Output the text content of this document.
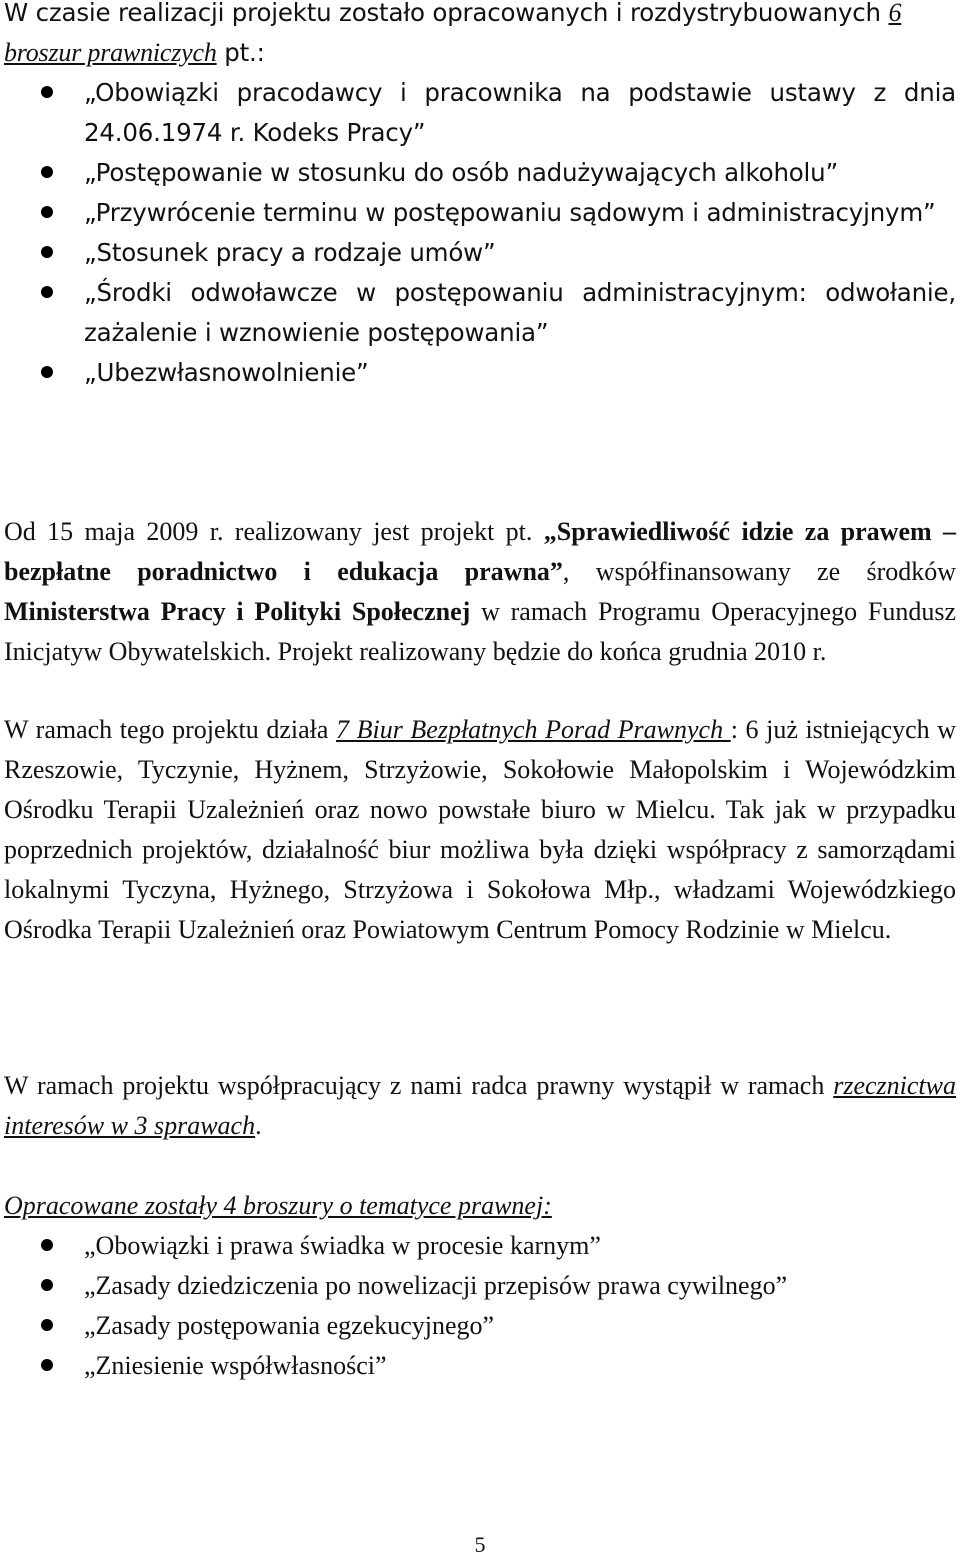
W czasie realizacji projektu zostało opracowanych i rozdystrybuowanych 6 broszur prawniczych pt.:

„Obowiązki pracodawcy i pracownika na podstawie ustawy z dnia 24.06.1974 r. Kodeks Pracy”
„Postępowanie w stosunku do osób nadużywających alkoholu”
„Przywrócenie terminu w postępowaniu sądowym i administracyjnym”
„Stosunek pracy a rodzaje umów”
„Środki odwoławcze w postępowaniu administracyjnym: odwołanie, zażalenie i wznowienie postępowania”
„Ubezwłasnowolnienie”

Od 15 maja 2009 r. realizowany jest projekt pt. „Sprawiedliwość idzie za prawem – bezpłatne poradnictwo i edukacja prawna”, współfinansowany ze środków Ministerstwa Pracy i Polityki Społecznej w ramach Programu Operacyjnego Fundusz Inicjatyw Obywatelskich. Projekt realizowany będzie do końca grudnia 2010 r.

W ramach tego projektu działa 7 Biur Bezpłatnych Porad Prawnych : 6 już istniejących w Rzeszowie, Tyczynie, Hyżnem, Strzyżowie, Sokołowie Małopolskim i Wojewódzkim Ośrodku Terapii Uzależnień oraz nowo powstałe biuro w Mielcu. Tak jak w przypadku poprzednich projektów, działalność biur możliwa była dzięki współpracy z samorządami lokalnymi Tyczyna, Hyżnego, Strzyżowa i Sokołowa Młp., władzami Wojewódzkiego Ośrodka Terapii Uzależnień oraz Powiatowym Centrum Pomocy Rodzinie w Mielcu.

W ramach projektu współpracujący z nami radca prawny wystąpił w ramach rzecznictwa interesów w 3 sprawach.

Opracowane zostały 4 broszury o tematyce prawnej:

„Obowiązki i prawa świadka w procesie karnym”
„Zasady dziedziczenia po nowelizacji przepisów prawa cywilnego”
„Zasady postępowania egzekucyjnego”
„Zniesienie współwłasności”
5
